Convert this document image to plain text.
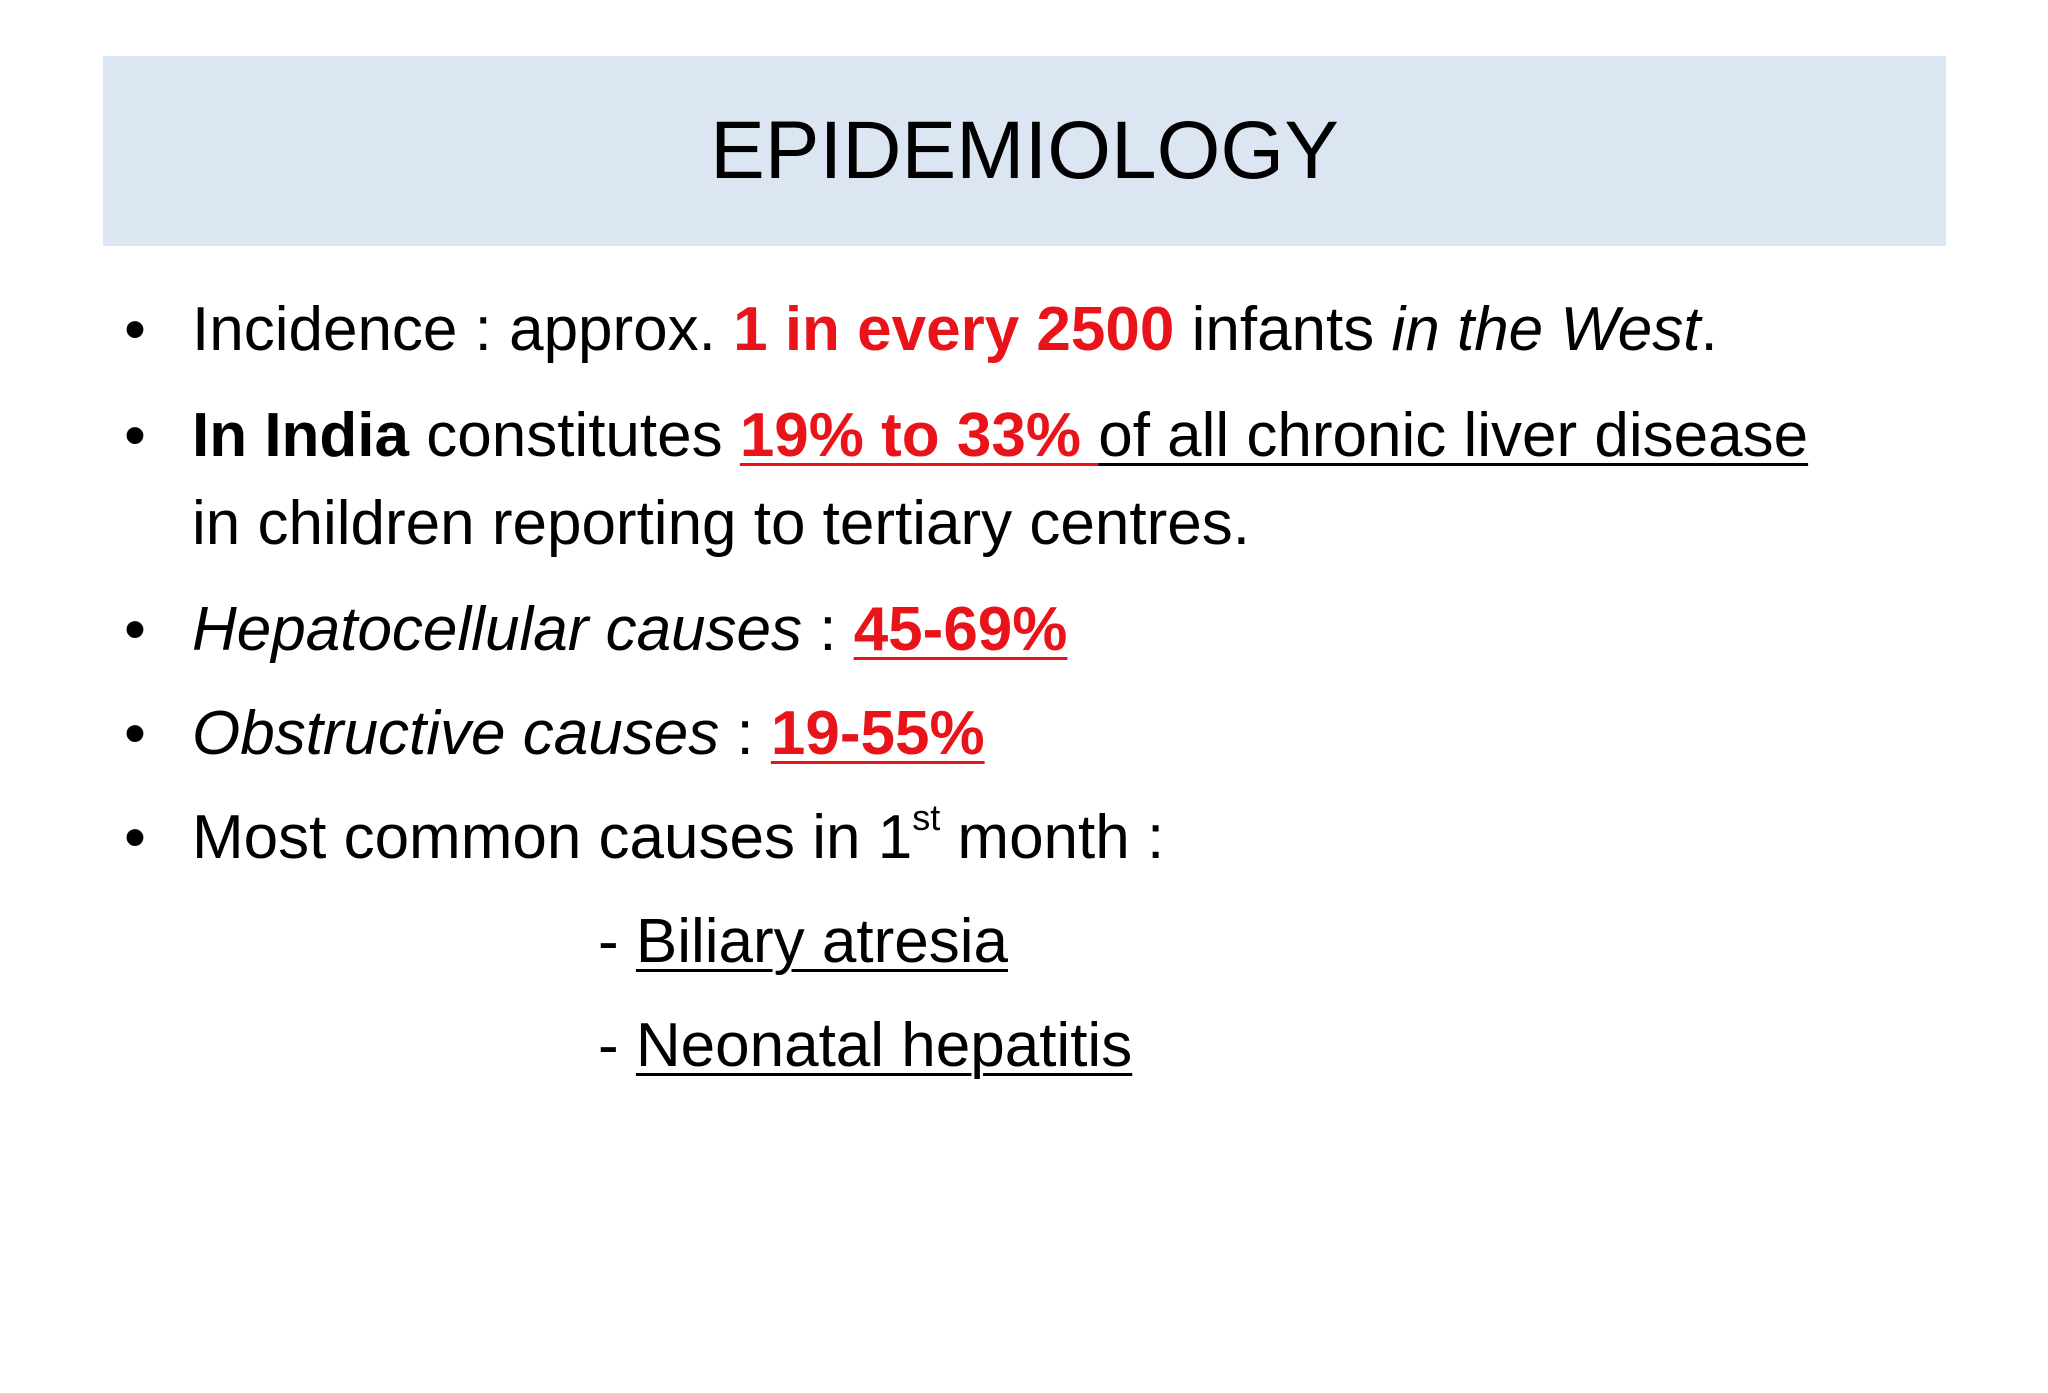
EPIDEMIOLOGY
• Incidence : approx. 1 in every 2500 infants in the West.
• In India constitutes 19% to 33% of all chronic liver disease
in children reporting to tertiary centres.
• Hepatocellular causes : 45-69%
• Obstructive causes : 19-55%
• Most common causes in 1st month :
- Biliary atresia
- Neonatal hepatitis
